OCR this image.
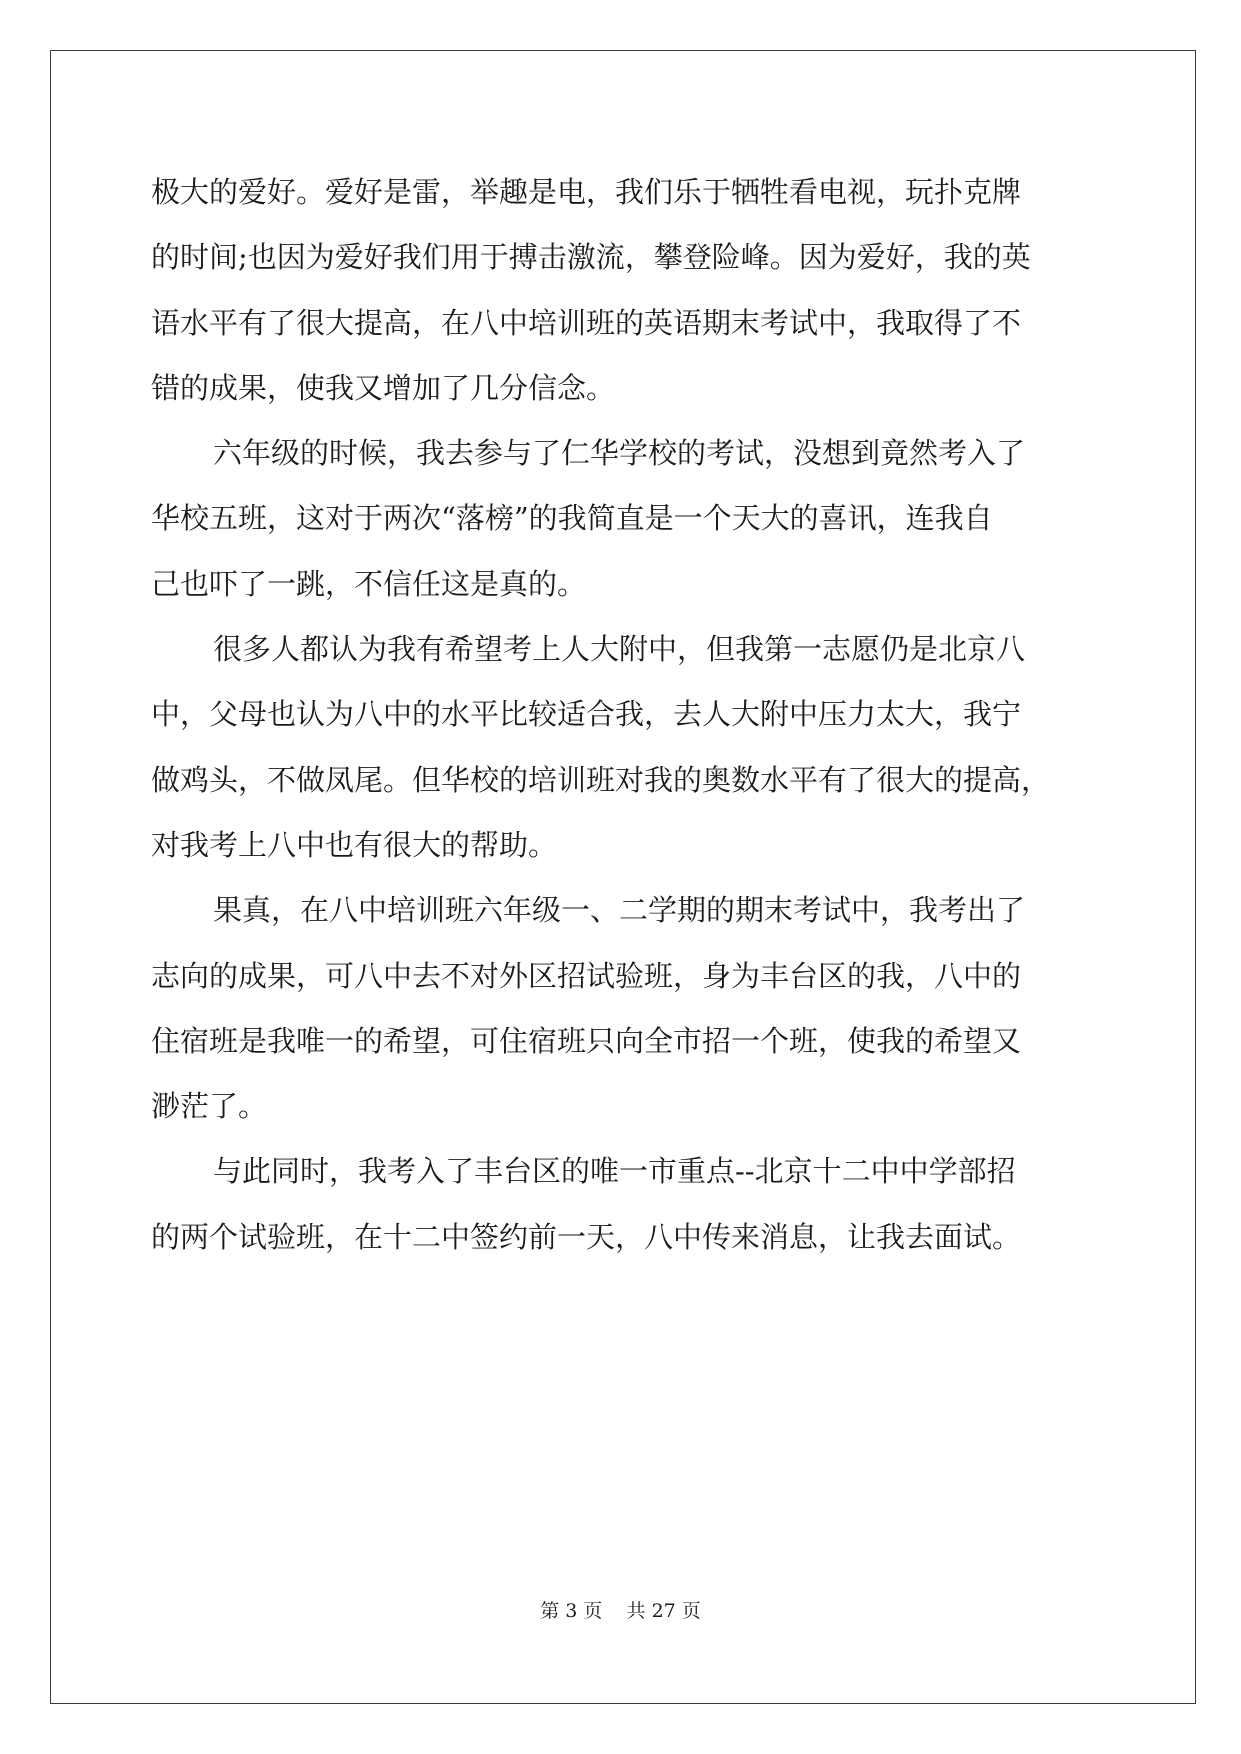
极大的爱好。爱好是雷，举趣是电，我们乐于牺牲看电视，玩扑克牌

的时间;也因为爱好我们用于搏击激流，攀登险峰。因为爱好，我的英

语水平有了很大提高，在八中培训班的英语期末考试中，我取得了不

错的成果，使我又增加了几分信念。

六年级的时候，我去参与了仁华学校的考试，没想到竟然考入了

华校五班，这对于两次“落榜”的我简直是一个天大的喜讯，连我自

己也吓了一跳，不信任这是真的。

很多人都认为我有希望考上人大附中，但我第一志愿仍是北京八

中，父母也认为八中的水平比较适合我，去人大附中压力太大，我宁

做鸡头，不做凤尾。但华校的培训班对我的奥数水平有了很大的提高，

对我考上八中也有很大的帮助。

果真，在八中培训班六年级一、二学期的期末考试中，我考出了

志向的成果，可八中去不对外区招试验班，身为丰台区的我，八中的

住宿班是我唯一的希望，可住宿班只向全市招一个班，使我的希望又

渺茫了。

与此同时，我考入了丰台区的唯一市重点--北京十二中中学部招

的两个试验班，在十二中签约前一天，八中传来消息，让我去面试。

第 3 页    共 27 页
